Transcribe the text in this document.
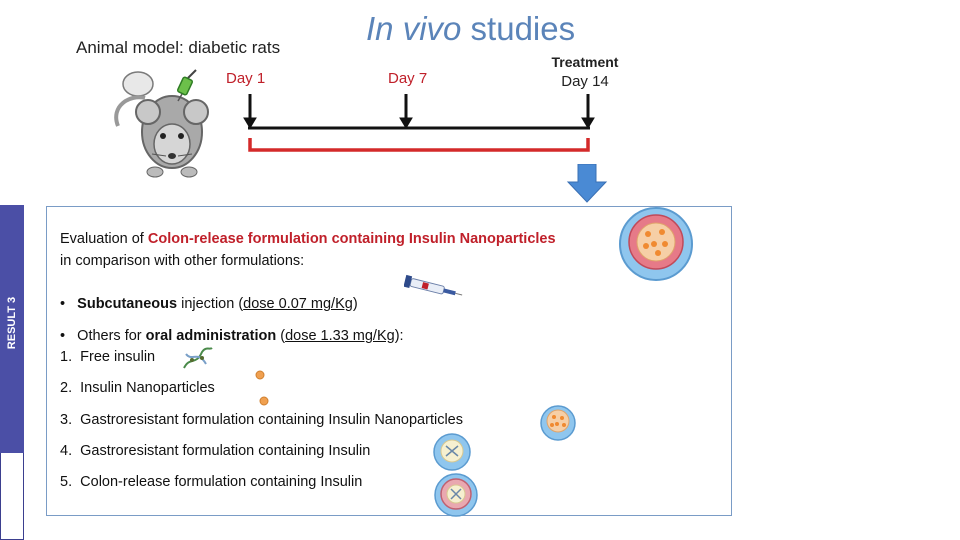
RESULT 3
Animal model: diabetic rats
In vivo studies
Day 1	Day 7
Treatment
Day 14
Evaluation of Colon-release formulation containing Insulin Nanoparticles
in comparison with other formulations:
• Subcutaneous injection (dose 0.07 mg/Kg)
• Others for oral administration (dose 1.33 mg/Kg):
1. Free insulin
2. Insulin Nanoparticles
3. Gastroresistant formulation containing Insulin Nanoparticles
4. Gastroresistant formulation containing Insulin
5. Colon-release formulation containing Insulin
